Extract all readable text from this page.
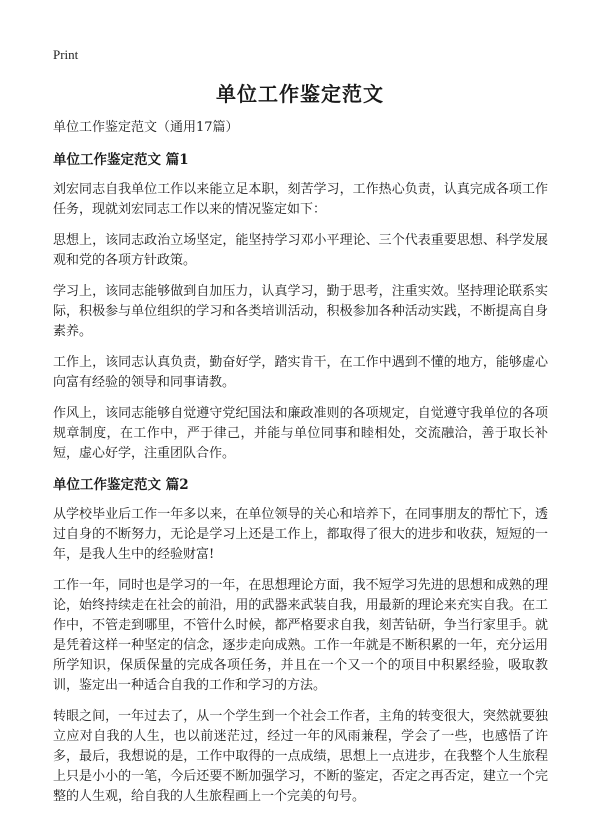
Print
单位工作鉴定范文

单位工作鉴定范文（通用17篇）

单位工作鉴定范文 篇1

刘宏同志自我单位工作以来能立足本职，刻苦学习，工作热心负责，认真完成各项工作任务，现就刘宏同志工作以来的情况鉴定如下：

思想上，该同志政治立场坚定，能坚持学习邓小平理论、三个代表重要思想、科学发展观和党的各项方针政策。

学习上，该同志能够做到自加压力，认真学习，勤于思考，注重实效。坚持理论联系实际，积极参与单位组织的学习和各类培训活动，积极参加各种活动实践，不断提高自身素养。

工作上，该同志认真负责，勤奋好学，踏实肯干，在工作中遇到不懂的地方，能够虚心向富有经验的领导和同事请教。

作风上，该同志能够自觉遵守党纪国法和廉政准则的各项规定，自觉遵守我单位的各项规章制度，在工作中，严于律己，并能与单位同事和睦相处，交流融洽，善于取长补短，虚心好学，注重团队合作。

单位工作鉴定范文 篇2

从学校毕业后工作一年多以来，在单位领导的关心和培养下，在同事朋友的帮忙下，透过自身的不断努力，无论是学习上还是工作上，都取得了很大的进步和收获，短短的一年，是我人生中的经验财富!

工作一年，同时也是学习的一年，在思想理论方面，我不短学习先进的思想和成熟的理论，始终持续走在社会的前沿，用的武器来武装自我，用最新的理论来充实自我。在工作中，不管走到哪里，不管什么时候，都严格要求自我，刻苦钻研，争当行家里手。就是凭着这样一种坚定的信念，逐步走向成熟。工作一年就是不断积累的一年，充分运用所学知识，保质保量的完成各项任务，并且在一个又一个的项目中积累经验，吸取教训，鉴定出一种适合自我的工作和学习的方法。

转眼之间，一年过去了，从一个学生到一个社会工作者，主角的转变很大，突然就要独立应对自我的人生，也以前迷茫过，经过一年的风雨兼程，学会了一些，也感悟了许多，最后，我想说的是，工作中取得的一点成绩，思想上一点进步，在我整个人生旅程上只是小小的一笔，今后还要不断加强学习，不断的鉴定，否定之再否定，建立一个完整的人生观，给自我的人生旅程画上一个完美的句号。
